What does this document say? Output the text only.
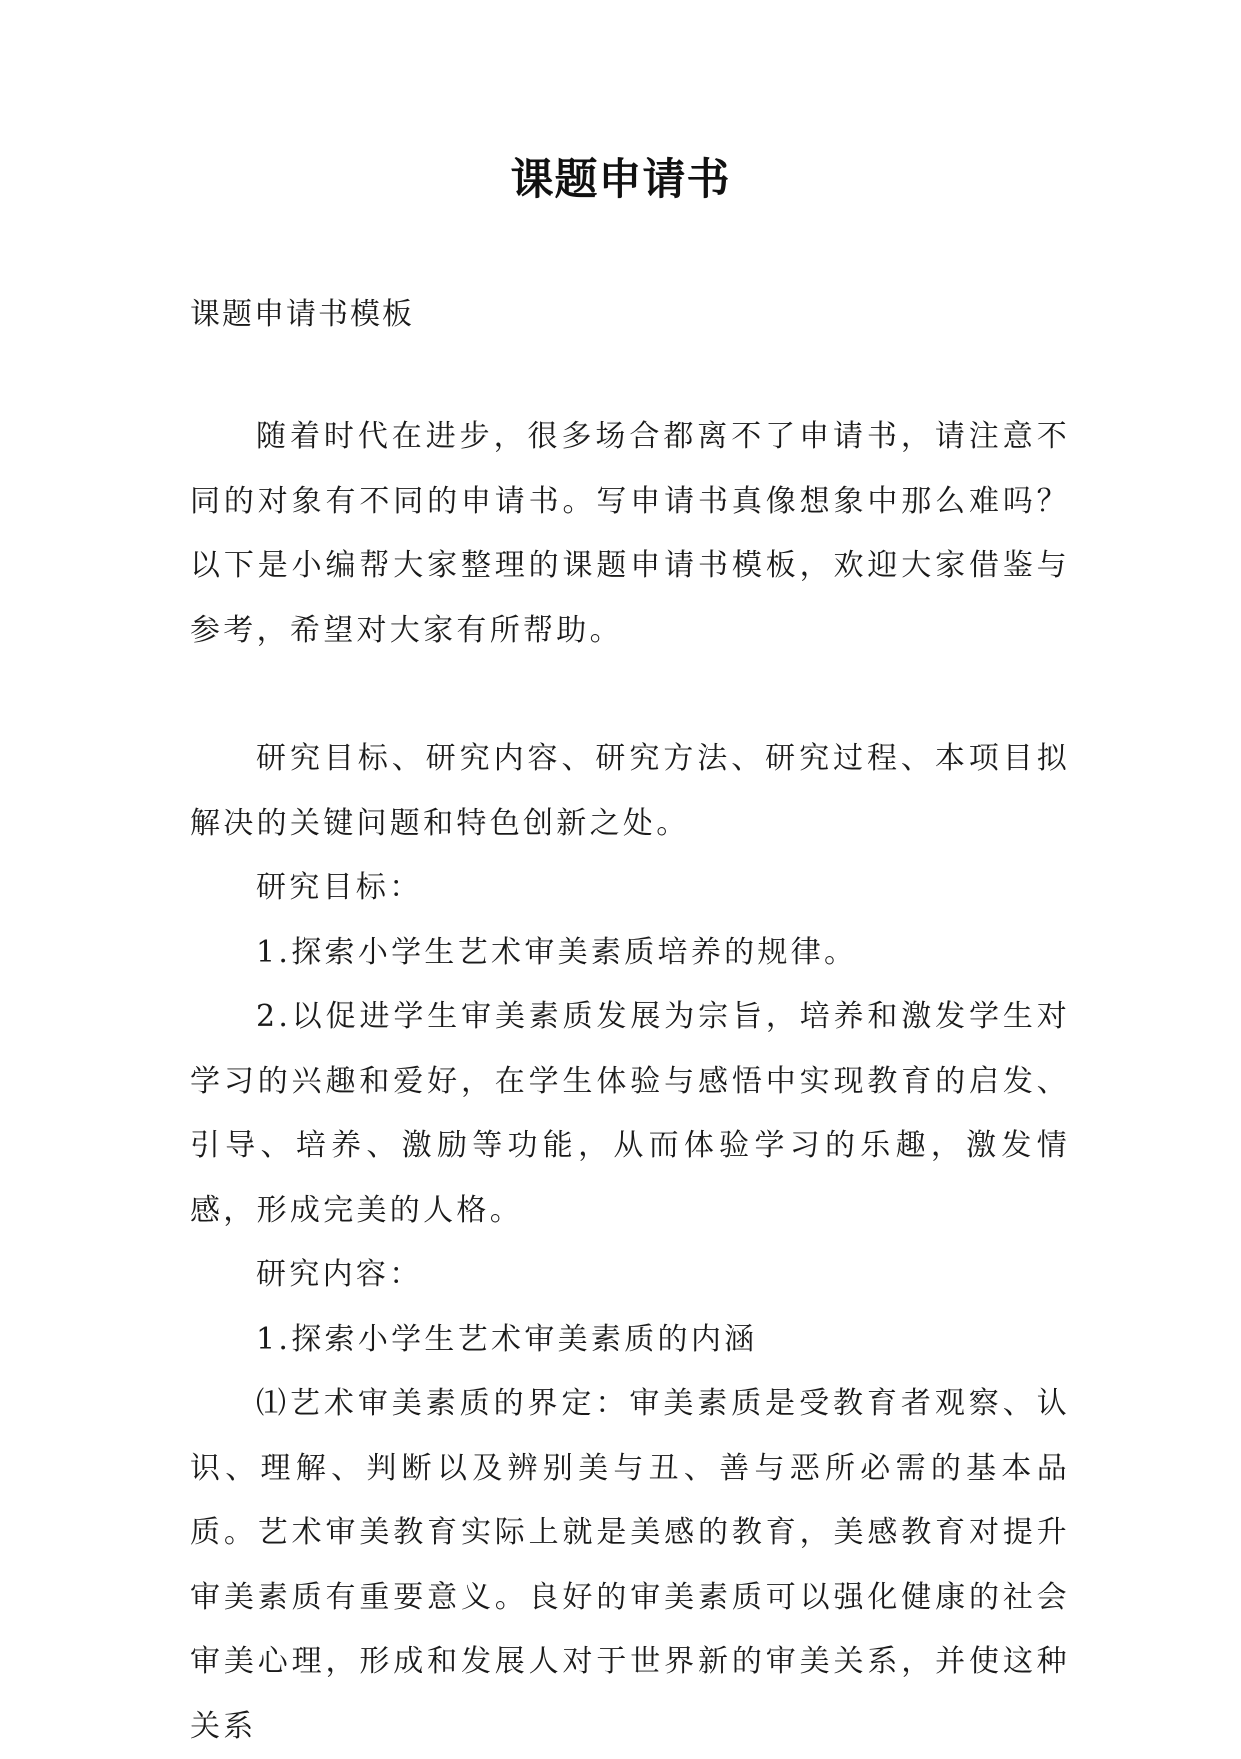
课题申请书
课题申请书模板

随着时代在进步，很多场合都离不了申请书，请注意不同的对象有不同的申请书。写申请书真像想象中那么难吗？以下是小编帮大家整理的课题申请书模板，欢迎大家借鉴与参考，希望对大家有所帮助。

研究目标、研究内容、研究方法、研究过程、本项目拟解决的关键问题和特色创新之处。

研究目标：

1.探索小学生艺术审美素质培养的规律。

2.以促进学生审美素质发展为宗旨，培养和激发学生对学习的兴趣和爱好，在学生体验与感悟中实现教育的启发、引导、培养、激励等功能，从而体验学习的乐趣，激发情感，形成完美的人格。

研究内容：

1.探索小学生艺术审美素质的内涵

⑴艺术审美素质的界定：审美素质是受教育者观察、认识、理解、判断以及辨别美与丑、善与恶所必需的基本品质。艺术审美教育实际上就是美感的教育，美感教育对提升审美素质有重要意义。良好的审美素质可以强化健康的社会审美心理，形成和发展人对于世界新的审美关系，并使这种关系
